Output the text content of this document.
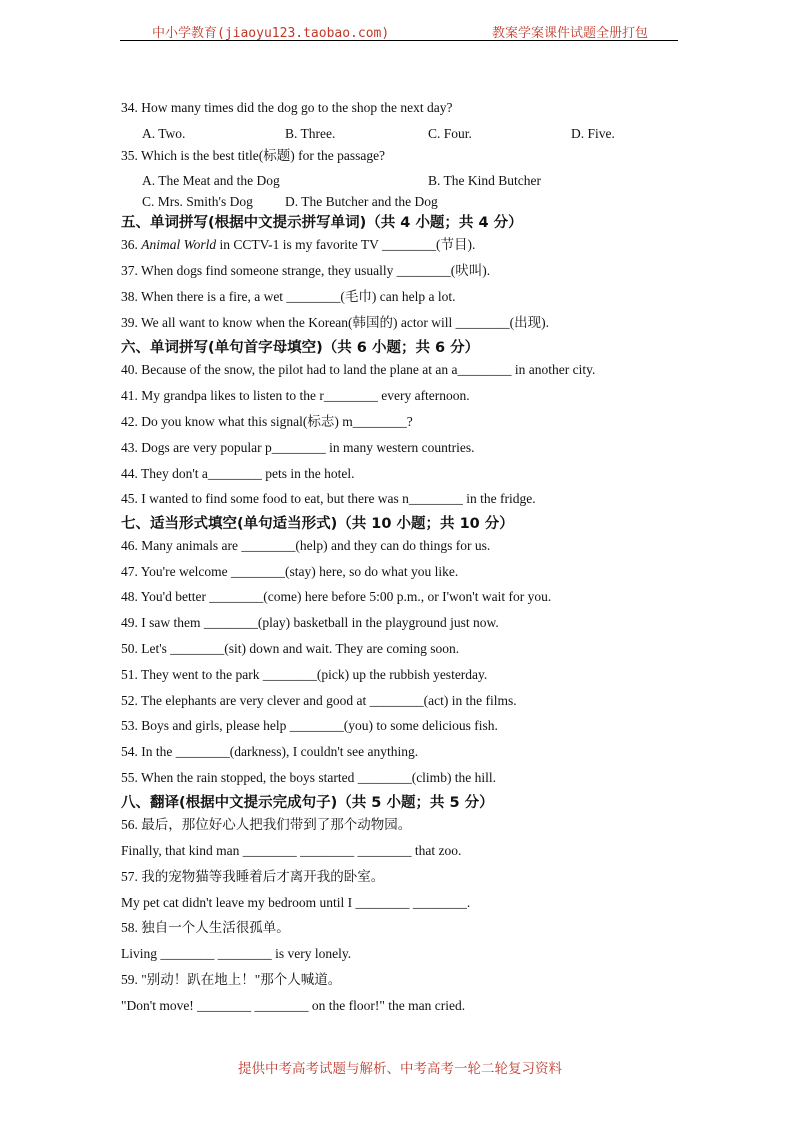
中小学教育(jiaoyu123.taobao.com)	教案学案课件试题全册打包
34. How many times did the dog go to the shop the next day?
A. Two.	B. Three.	C. Four.	D. Five.
35. Which is the best title(标题) for the passage?
A. The Meat and the Dog	B. The Kind Butcher
C. Mrs. Smith's Dog D. The Butcher and the Dog
五、单词拼写(根据中文提示拼写单词)（共 4 小题；共 4 分）
36. Animal World in CCTV-1 is my favorite TV ________(节目).
37. When dogs find someone strange, they usually ________(吠叫).
38. When there is a fire, a wet ________(毛巾) can help a lot.
39. We all want to know when the Korean(韩国的) actor will ________(出现).
六、单词拼写(单句首字母填空)（共 6 小题；共 6 分）
40. Because of the snow, the pilot had to land the plane at an a________ in another city.
41. My grandpa likes to listen to the r________ every afternoon.
42. Do you know what this signal(标志) m________?
43. Dogs are very popular p________ in many western countries.
44. They don't a________ pets in the hotel.
45. I wanted to find some food to eat, but there was n________ in the fridge.
七、适当形式填空(单句适当形式)（共 10 小题；共 10 分）
46. Many animals are ________(help) and they can do things for us.
47. You're welcome ________(stay) here, so do what you like.
48. You'd better ________(come) here before 5:00 p.m., or I'won't wait for you.
49. I saw them ________(play) basketball in the playground just now.
50. Let's ________(sit) down and wait. They are coming soon.
51. They went to the park ________(pick) up the rubbish yesterday.
52. The elephants are very clever and good at ________(act) in the films.
53. Boys and girls, please help ________(you) to some delicious fish.
54. In the ________(darkness), I couldn't see anything.
55. When the rain stopped, the boys started ________(climb) the hill.
八、翻译(根据中文提示完成句子)（共 5 小题；共 5 分）
56. 最后，那位好心人把我们带到了那个动物园。
Finally, that kind man ________ ________ ________ that zoo.
57. 我的宠物猫等我睡着后才离开我的卧室。
My pet cat didn't leave my bedroom until I ________ ________.
58. 独自一个人生活很孤单。
Living ________ ________ is very lonely.
59. "别动！趴在地上！"那个人喊道。
"Don't move! ________ ________ on the floor!" the man cried.
提供中考高考试题与解析、中考高考一轮二轮复习资料
